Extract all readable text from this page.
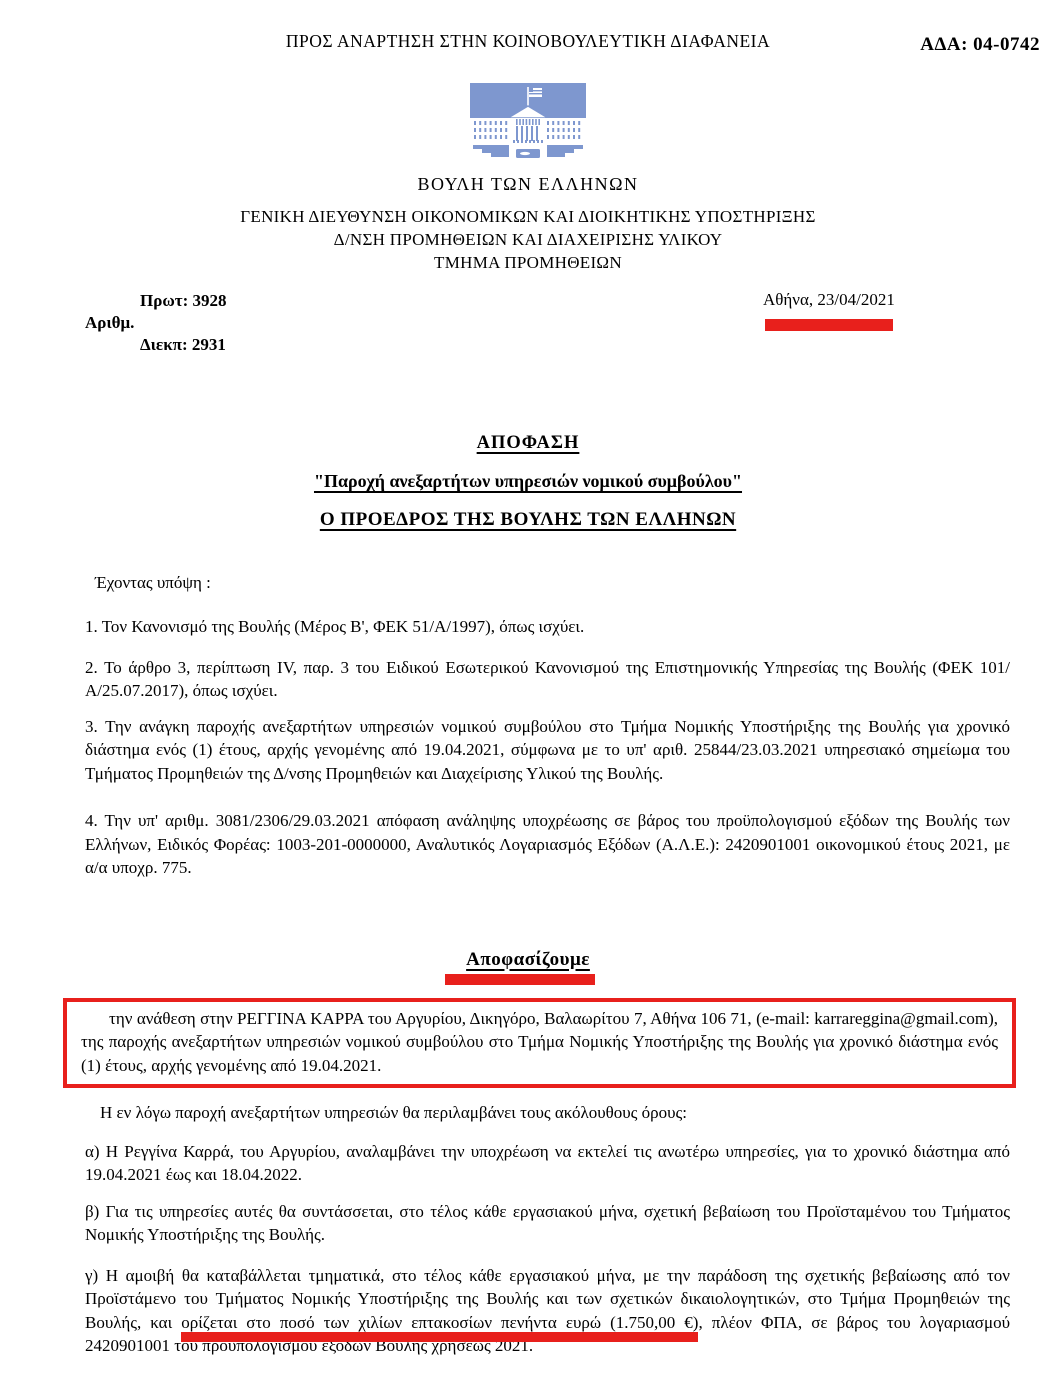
ΑΔΑ: 04-0742
ΠΡΟΣ ΑΝΑΡΤΗΣΗ ΣΤΗΝ ΚΟΙΝΟΒΟΥΛΕΥΤΙΚΗ ΔΙΑΦΑΝΕΙΑ
ΒΟΥΛΗ ΤΩΝ ΕΛΛΗΝΩΝ
ΓΕΝΙΚΗ ΔΙΕΥΘΥΝΣΗ ΟΙΚΟΝΟΜΙΚΩΝ ΚΑΙ ΔΙΟΙΚΗΤΙΚΗΣ ΥΠΟΣΤΗΡΙΞΗΣ
Δ/ΝΣΗ ΠΡΟΜΗΘΕΙΩΝ ΚΑΙ ΔΙΑΧΕΙΡΙΣΗΣ ΥΛΙΚΟΥ
ΤΜΗΜΑ ΠΡΟΜΗΘΕΙΩΝ
Πρωτ: 3928
Αριθμ.
Διεκπ: 2931
Αθήνα, 23/04/2021
ΑΠΟΦΑΣΗ
"Παροχή ανεξαρτήτων υπηρεσιών νομικού συμβούλου"
Ο ΠΡΟΕΔΡΟΣ ΤΗΣ ΒΟΥΛΗΣ ΤΩΝ ΕΛΛΗΝΩΝ
Έχοντας υπόψη :

1. Τον Κανονισμό της Βουλής (Μέρος Β', ΦΕΚ 51/Α/1997), όπως ισχύει.

2. Το άρθρο 3, περίπτωση IV, παρ. 3 του Ειδικού Εσωτερικού Κανονισμού της Επιστημονικής Υπηρεσίας της Βουλής (ΦΕΚ 101/Α/25.07.2017), όπως ισχύει.

3. Την ανάγκη παροχής ανεξαρτήτων υπηρεσιών νομικού συμβούλου στο Τμήμα Νομικής Υποστήριξης της Βουλής για χρονικό διάστημα ενός (1) έτους, αρχής γενομένης από 19.04.2021, σύμφωνα με το υπ' αριθ. 25844/23.03.2021 υπηρεσιακό σημείωμα του Τμήματος Προμηθειών της Δ/νσης Προμηθειών και Διαχείρισης Υλικού της Βουλής.

4. Την υπ' αριθμ. 3081/2306/29.03.2021 απόφαση ανάληψης υποχρέωσης σε βάρος του προϋπολογισμού εξόδων της Βουλής των Ελλήνων, Ειδικός Φορέας: 1003-201-0000000, Αναλυτικός Λογαριασμός Εξόδων (Α.Λ.Ε.): 2420901001 οικονομικού έτους 2021, με α/α υποχρ. 775.

Αποφασίζουμε

την ανάθεση στην ΡΕΓΓΙΝΑ ΚΑΡΡΑ του Αργυρίου, Δικηγόρο, Βαλαωρίτου 7, Αθήνα 106 71, (e-mail: karrareggina@gmail.com), της παροχής ανεξαρτήτων υπηρεσιών νομικού συμβούλου στο Τμήμα Νομικής Υποστήριξης της Βουλής για χρονικό διάστημα ενός (1) έτους, αρχής γενομένης από 19.04.2021.

Η εν λόγω παροχή ανεξαρτήτων υπηρεσιών θα περιλαμβάνει τους ακόλουθους όρους:

α) Η Ρεγγίνα Καρρά, του Αργυρίου, αναλαμβάνει την υποχρέωση να εκτελεί τις ανωτέρω υπηρεσίες, για το χρονικό διάστημα από 19.04.2021 έως και 18.04.2022.

β) Για τις υπηρεσίες αυτές θα συντάσσεται, στο τέλος κάθε εργασιακού μήνα, σχετική βεβαίωση του Προϊσταμένου του Τμήματος Νομικής Υποστήριξης της Βουλής.

γ) Η αμοιβή θα καταβάλλεται τμηματικά, στο τέλος κάθε εργασιακού μήνα, με την παράδοση της σχετικής βεβαίωσης από τον Προϊστάμενο του Τμήματος Νομικής Υποστήριξης της Βουλής και των σχετικών δικαιολογητικών, στο Τμήμα Προμηθειών της Βουλής, και ορίζεται στο ποσό των χιλίων επτακοσίων πενήντα ευρώ (1.750,00 €), πλέον ΦΠΑ, σε βάρος του λογαριασμού 2420901001 του προϋπολογισμού εξόδων Βουλής χρήσεως 2021.
